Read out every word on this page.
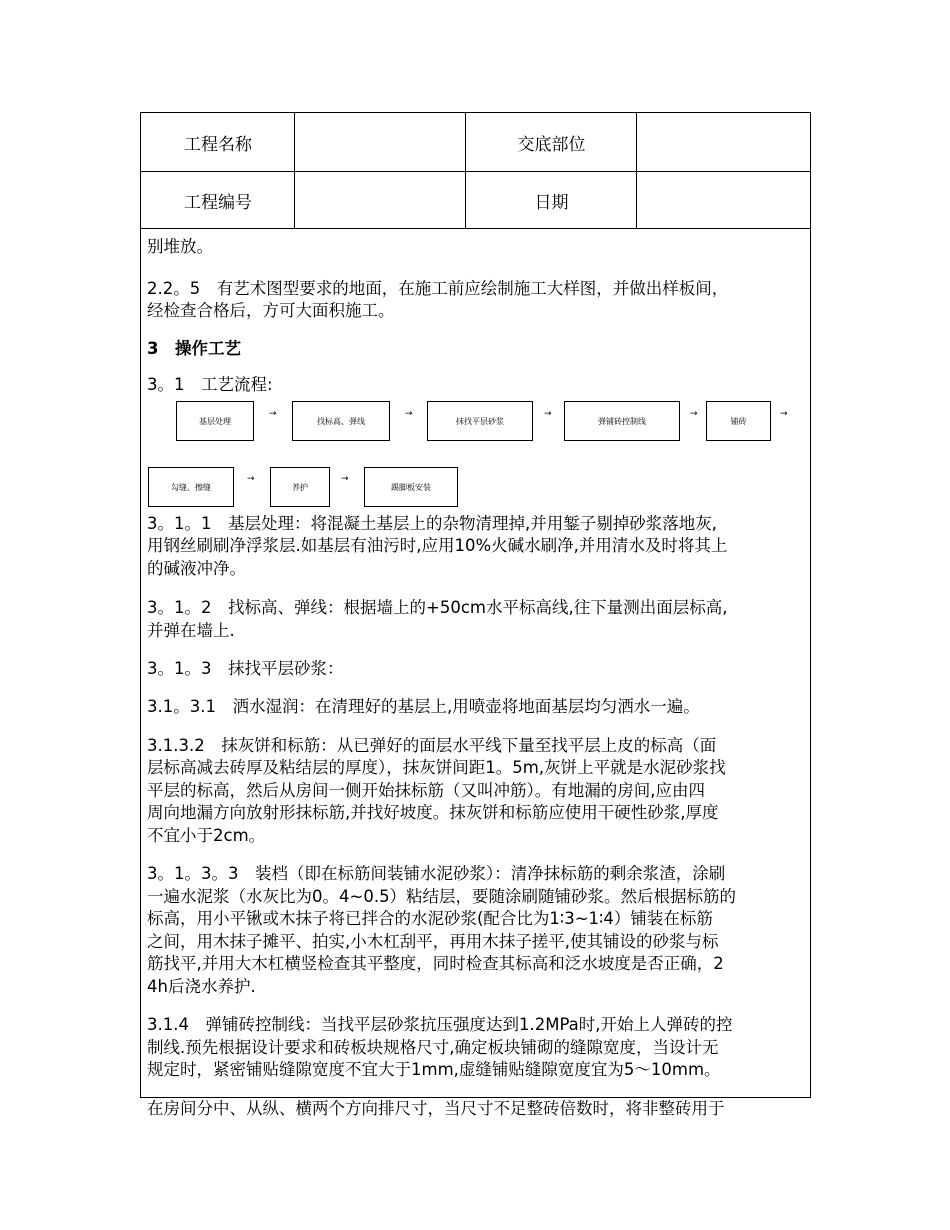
工程名称	交底部位
工程编号	日期
别堆放。
2.2。5　有艺术图型要求的地面，在施工前应绘制施工大样图，并做出样板间，
经检查合格后，方可大面积施工。
3　操作工艺
3。1　工艺流程:
3。1。1　基层处理：将混凝土基层上的杂物清理掉,并用錾子剔掉砂浆落地灰,
用钢丝刷刷净浮浆层.如基层有油污时,应用10%火碱水刷净,并用清水及时将其上
的碱液冲净。
3。1。2　找标高、弹线：根据墙上的+50cm水平标高线,往下量测出面层标高,
并弹在墙上.
3。1。3　抹找平层砂浆：
3.1。3.1　洒水湿润：在清理好的基层上,用喷壶将地面基层均匀洒水一遍。
3.1.3.2　抹灰饼和标筋：从已弹好的面层水平线下量至找平层上皮的标高（面
层标高减去砖厚及粘结层的厚度），抹灰饼间距1。5m,灰饼上平就是水泥砂浆找
平层的标高，然后从房间一侧开始抹标筋（又叫冲筋）。有地漏的房间,应由四
周向地漏方向放射形抹标筋,并找好坡度。抹灰饼和标筋应使用干硬性砂浆,厚度
不宜小于2cm。
3。1。3。3　装档（即在标筋间装铺水泥砂浆）：清净抹标筋的剩余浆渣，涂刷
一遍水泥浆（水灰比为0。4~0.5）粘结层，要随涂刷随铺砂浆。然后根据标筋的
标高，用小平锹或木抹子将已拌合的水泥砂浆(配合比为1∶3~1∶4）铺装在标筋
之间，用木抹子摊平、拍实,小木杠刮平，再用木抹子搓平,使其铺设的砂浆与标
筋找平,并用大木杠横竖检查其平整度，同时检查其标高和泛水坡度是否正确，2
4h后浇水养护.
3.1.4　弹铺砖控制线：当找平层砂浆抗压强度达到1.2MPa时,开始上人弹砖的控
制线.预先根据设计要求和砖板块规格尺寸,确定板块铺砌的缝隙宽度，当设计无
规定时，紧密铺贴缝隙宽度不宜大于1mm,虚缝铺贴缝隙宽度宜为5～10mm。
在房间分中、从纵、横两个方向排尺寸，当尺寸不足整砖倍数时，将非整砖用于
基层处理
→
找标高、弹线
→
抹找平层砂浆
→
弹铺砖控制线
→
铺砖
→
勾缝、擦缝
→
养护
→
踢脚板安装
